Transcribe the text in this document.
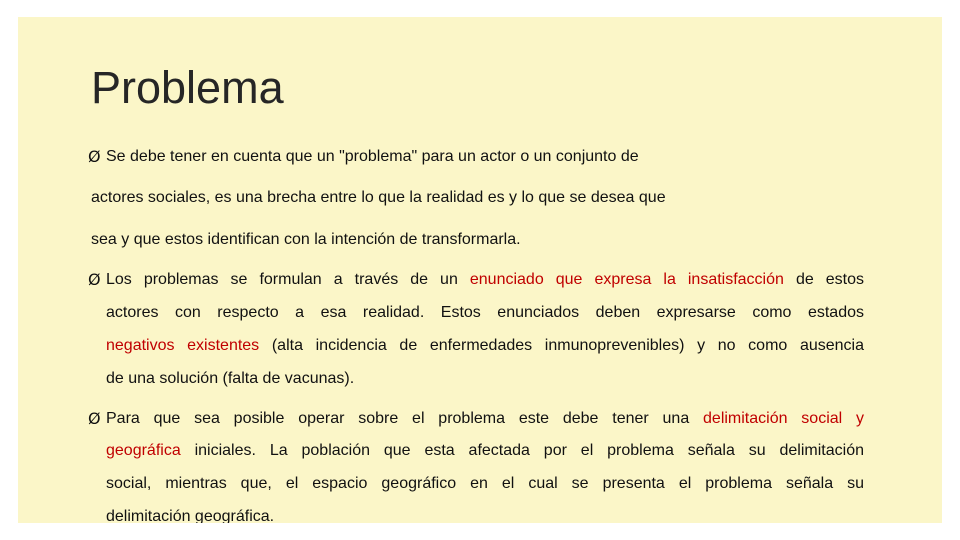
Problema
Ø Se debe tener en cuenta que un "problema" para un actor o un conjunto de

actores sociales, es una brecha entre lo que la realidad es y lo que se desea que

sea y que estos identifican con la intención de transformarla.

Ø Los problemas se formulan a través de un enunciado que expresa la insatisfacción de estos

actores con respecto a esa realidad. Estos enunciados deben expresarse como estados

negativos existentes (alta incidencia de enfermedades inmunoprevenibles) y no como ausencia

de una solución (falta de vacunas).

Ø Para que sea posible operar sobre el problema este debe tener una delimitación social y

geográfica iniciales. La población que esta afectada por el problema señala su delimitación

social, mientras que, el espacio geográfico en el cual se presenta el problema señala su

delimitación geográfica.
